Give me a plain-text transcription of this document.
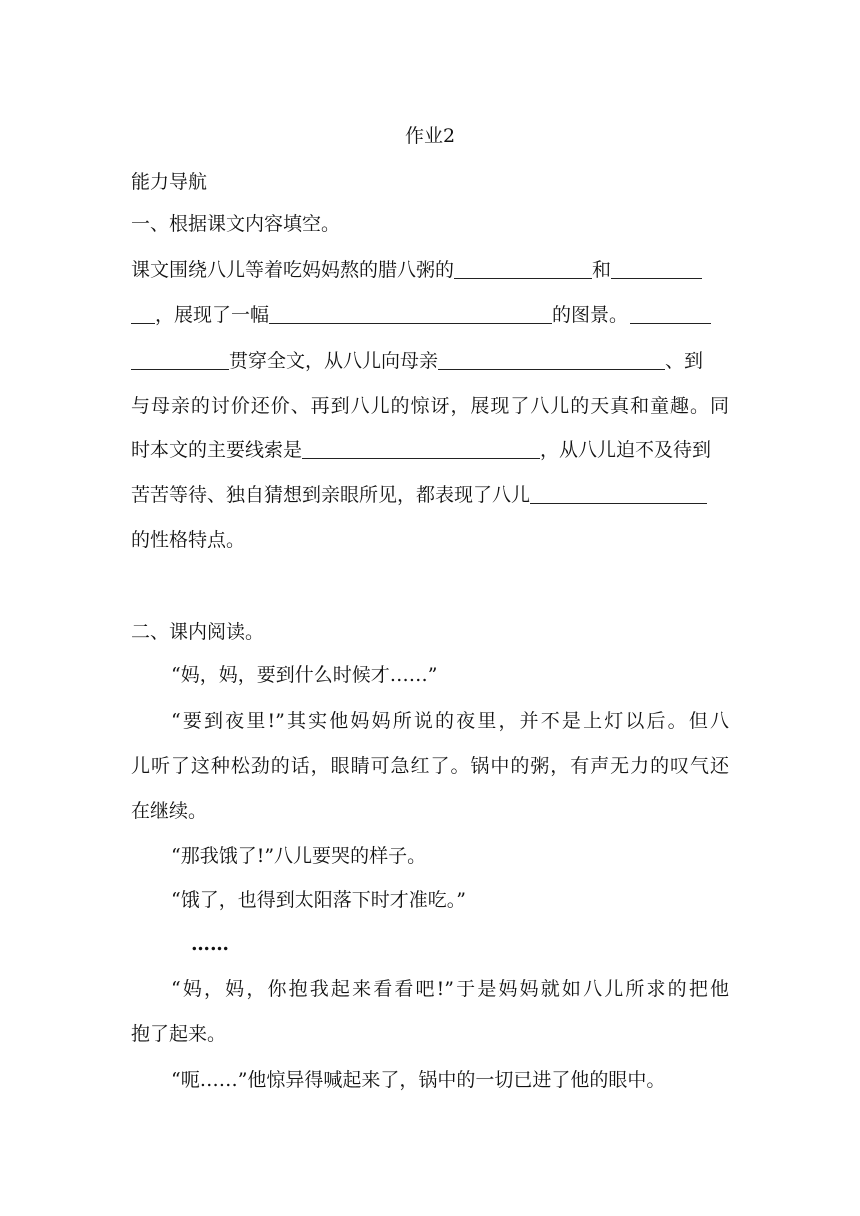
作业2
能力导航
一、根据课文内容填空。
课文围绕八儿等着吃妈妈熬的腊八粥的	和
，展现了一幅	的图景。
贯穿全文，从八儿向母亲	、到
与母亲的讨价还价、再到八儿的惊讶，展现了八儿的天真和童趣。同
时本文的主要线索是	，从八儿迫不及待到
苦苦等待、独自猜想到亲眼所见，都表现了八儿
的性格特点。
二、课内阅读。
“妈，妈，要到什么时候才……”
“要到夜里!”其实他妈妈所说的夜里，并不是上灯以后。但八
儿听了这种松劲的话，眼睛可急红了。锅中的粥，有声无力的叹气还
在继续。
“那我饿了!”八儿要哭的样子。
“饿了，也得到太阳落下时才准吃。”
……
“妈，妈，你抱我起来看看吧!”于是妈妈就如八儿所求的把他
抱了起来。
“呃……”他惊异得喊起来了，锅中的一切已进了他的眼中。
